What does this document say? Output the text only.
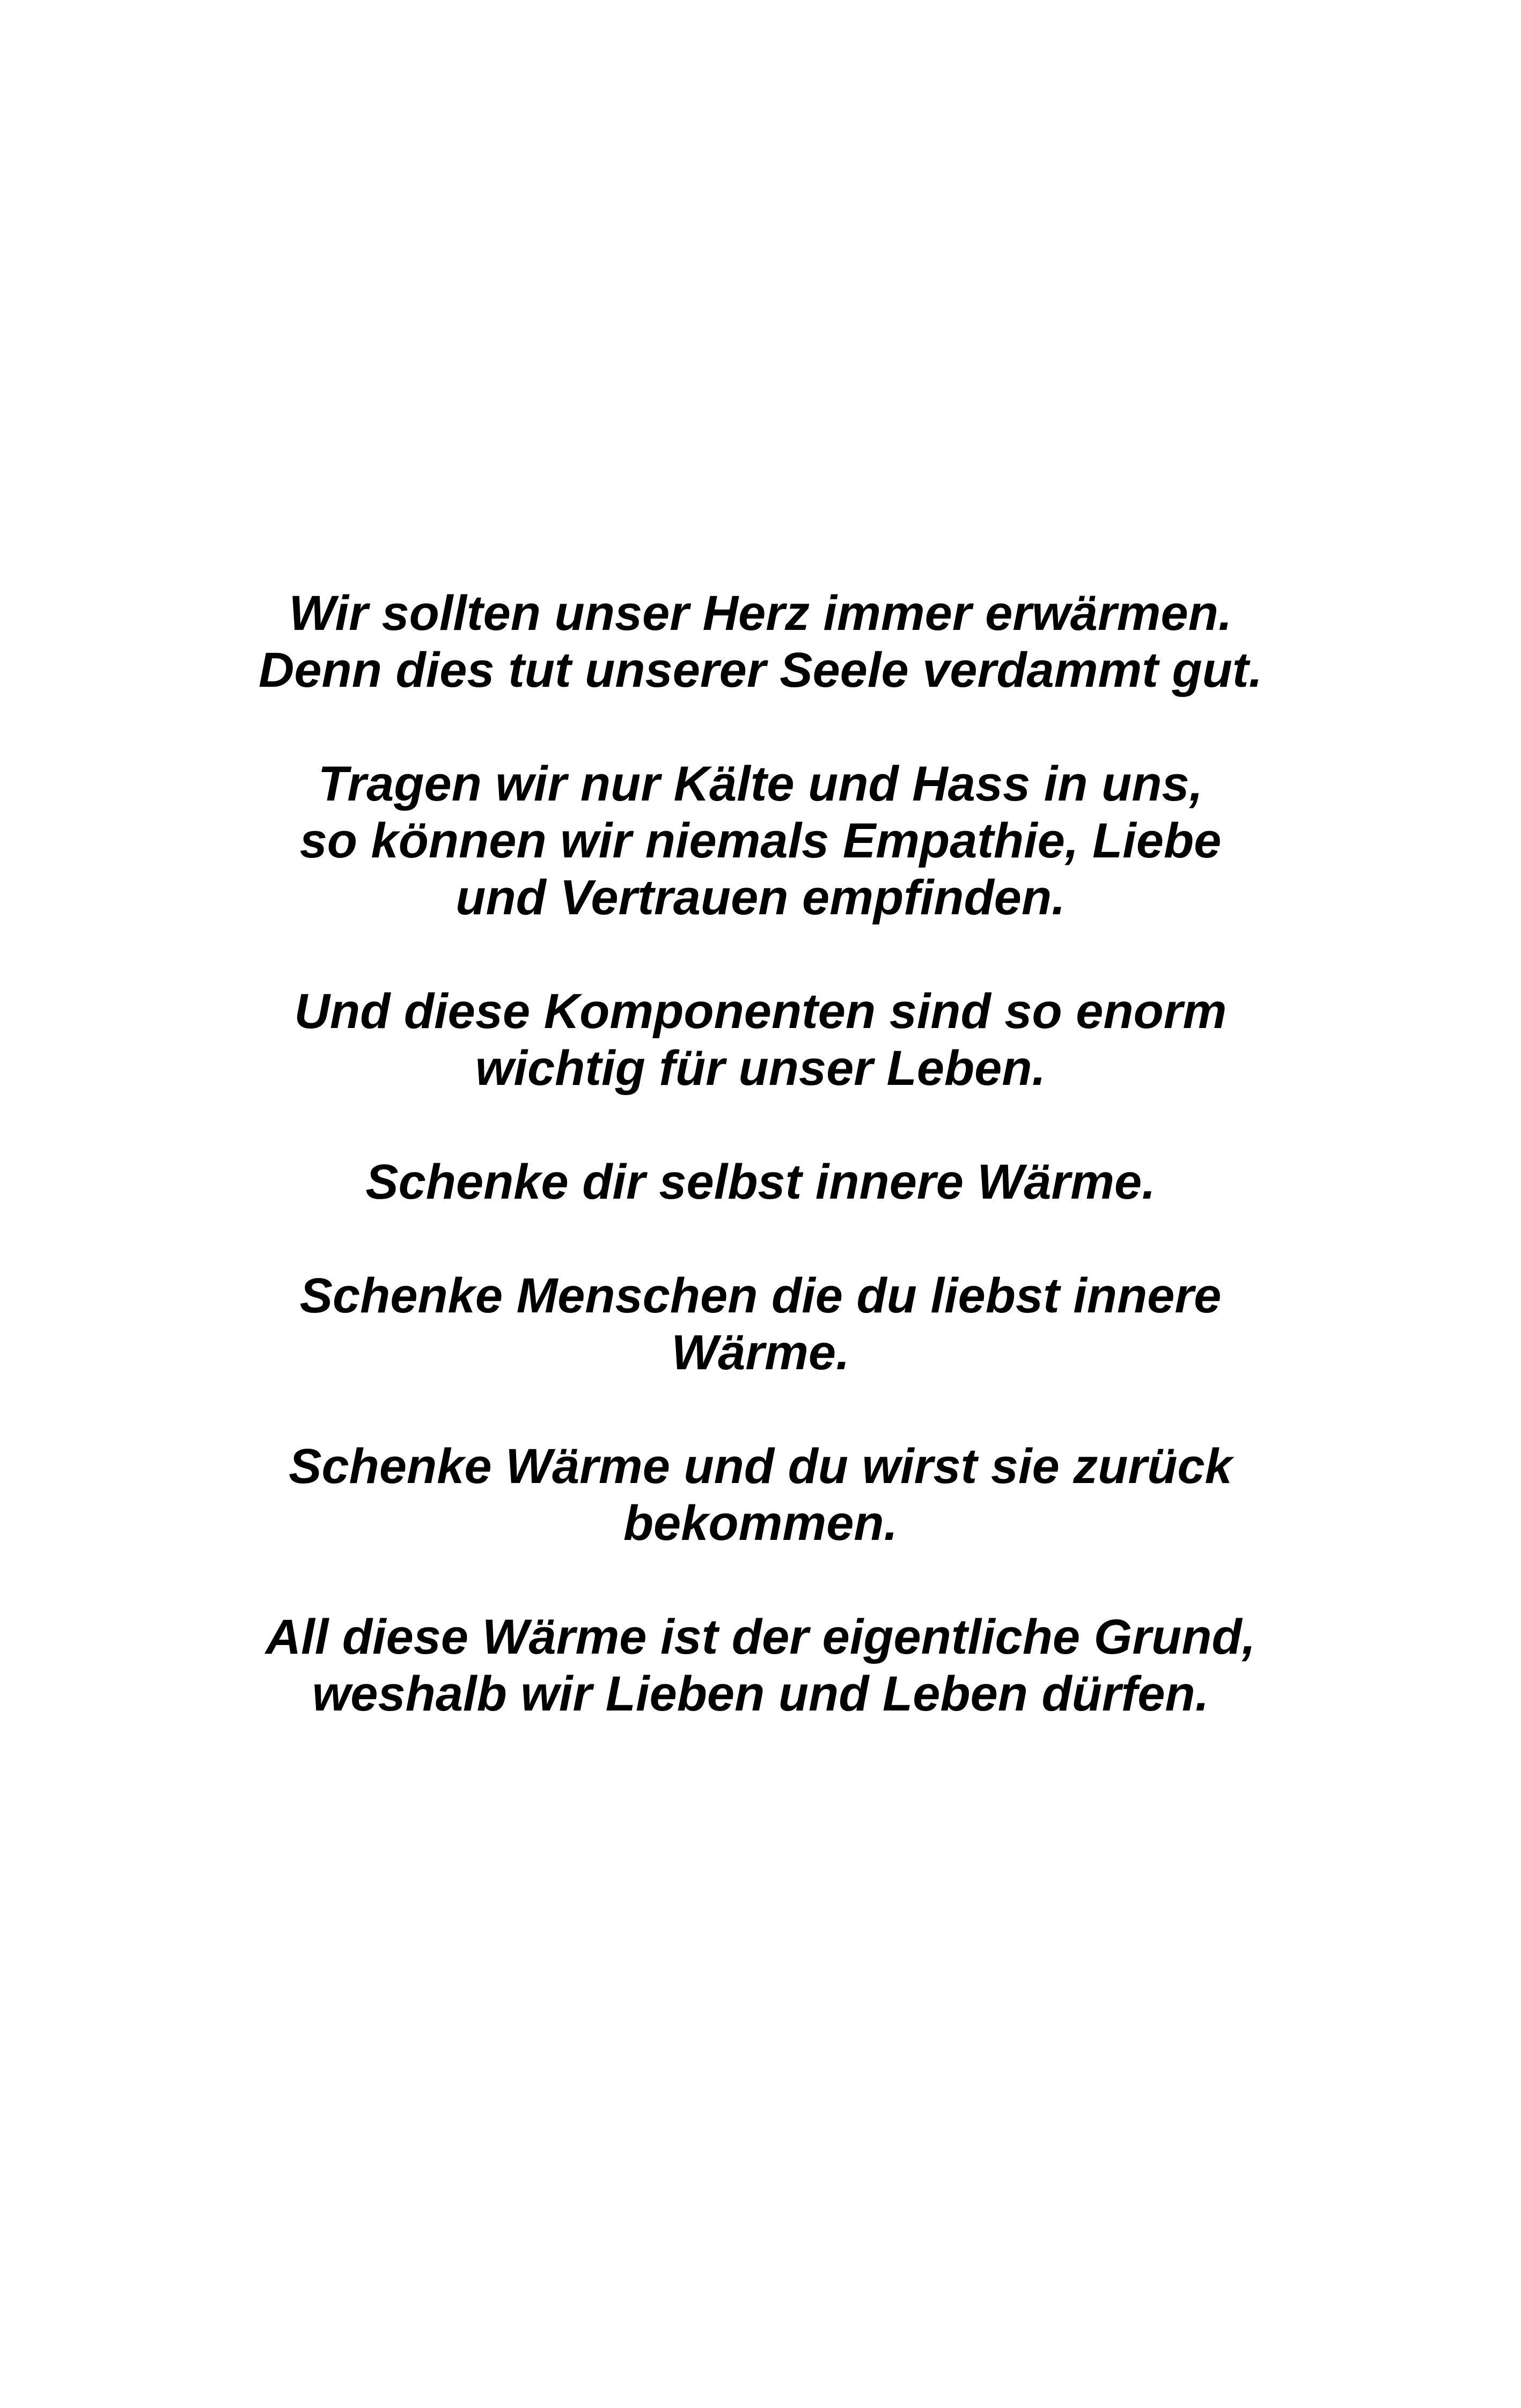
Wir sollten unser Herz immer erwärmen.
Denn dies tut unserer Seele verdammt gut.
Tragen wir nur Kälte und Hass in uns,
so können wir niemals Empathie, Liebe
und Vertrauen empfinden.
Und diese Komponenten sind so enorm
wichtig für unser Leben.
Schenke dir selbst innere Wärme.
Schenke Menschen die du liebst innere
Wärme.
Schenke Wärme und du wirst sie zurück
bekommen.
All diese Wärme ist der eigentliche Grund,
weshalb wir Lieben und Leben dürfen.
